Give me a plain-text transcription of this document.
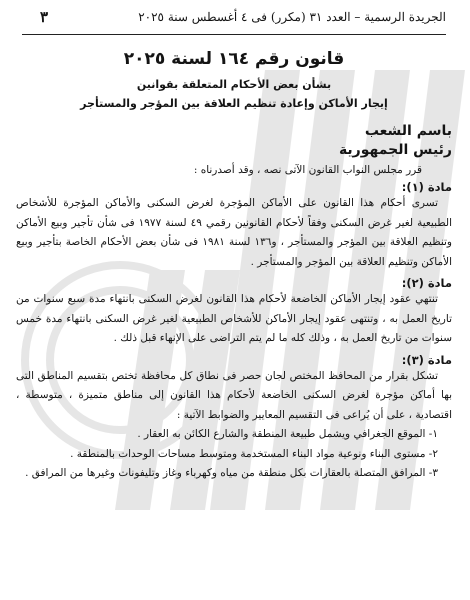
الجريدة الرسمية – العدد ٣١ (مكرر) فى ٤ أغسطس سنة ٢٠٢٥
٣
قانون رقم ١٦٤ لسنة ٢٠٢٥
بشأن بعض الأحكام المتعلقة بقوانين
إيجار الأماكن وإعادة تنظيم العلاقة بين المؤجر والمستأجر
باسم الشعب
رئيس الجمهورية
قرر مجلس النواب القانون الآتى نصه ، وقد أصدرناه :
مادة (١):

تسرى أحكام هذا القانون على الأماكن المؤجرة لغرض السكنى والأماكن المؤجرة للأشخاص الطبيعية لغير غرض السكنى وفقاً لأحكام القانونين رقمي ٤٩ لسنة ١٩٧٧ فى شأن تأجير وبيع الأماكن وتنظيم العلاقة بين المؤجر والمستأجر ، و١٣٦ لسنة ١٩٨١ فى شأن بعض الأحكام الخاصة بتأجير وبيع الأماكن وتنظيم العلاقة بين المؤجر والمستأجر .

مادة (٢):

تنتهي عقود إيجار الأماكن الخاضعة لأحكام هذا القانون لغرض السكنى بانتهاء مدة سبع سنوات من تاريخ العمل به ، وتنتهى عقود إيجار الأماكن للأشخاص الطبيعية لغير غرض السكنى بانتهاء مدة خمس سنوات من تاريخ العمل به ، وذلك كله ما لم يتم التراضى على الإنهاء قبل ذلك .

مادة (٣):

تشكل بقرار من المحافظ المختص لجان حصر فى نطاق كل محافظة تختص بتقسيم المناطق التى بها أماكن مؤجرة لغرض السكنى الخاضعة لأحكام هذا القانون إلى مناطق متميزة ، متوسطة ، اقتصادية ، على أن يُراعى فى التقسيم المعايير والضوابط الآتية :

١- الموقع الجغرافي ويشمل طبيعة المنطقة والشارع الكائن به العقار .

٢- مستوى البناء ونوعية مواد البناء المستخدمة ومتوسط مساحات الوحدات بالمنطقة .

٣- المرافق المتصلة بالعقارات بكل منطقة من مياه وكهرباء وغاز وتليفونات وغيرها من المرافق .
